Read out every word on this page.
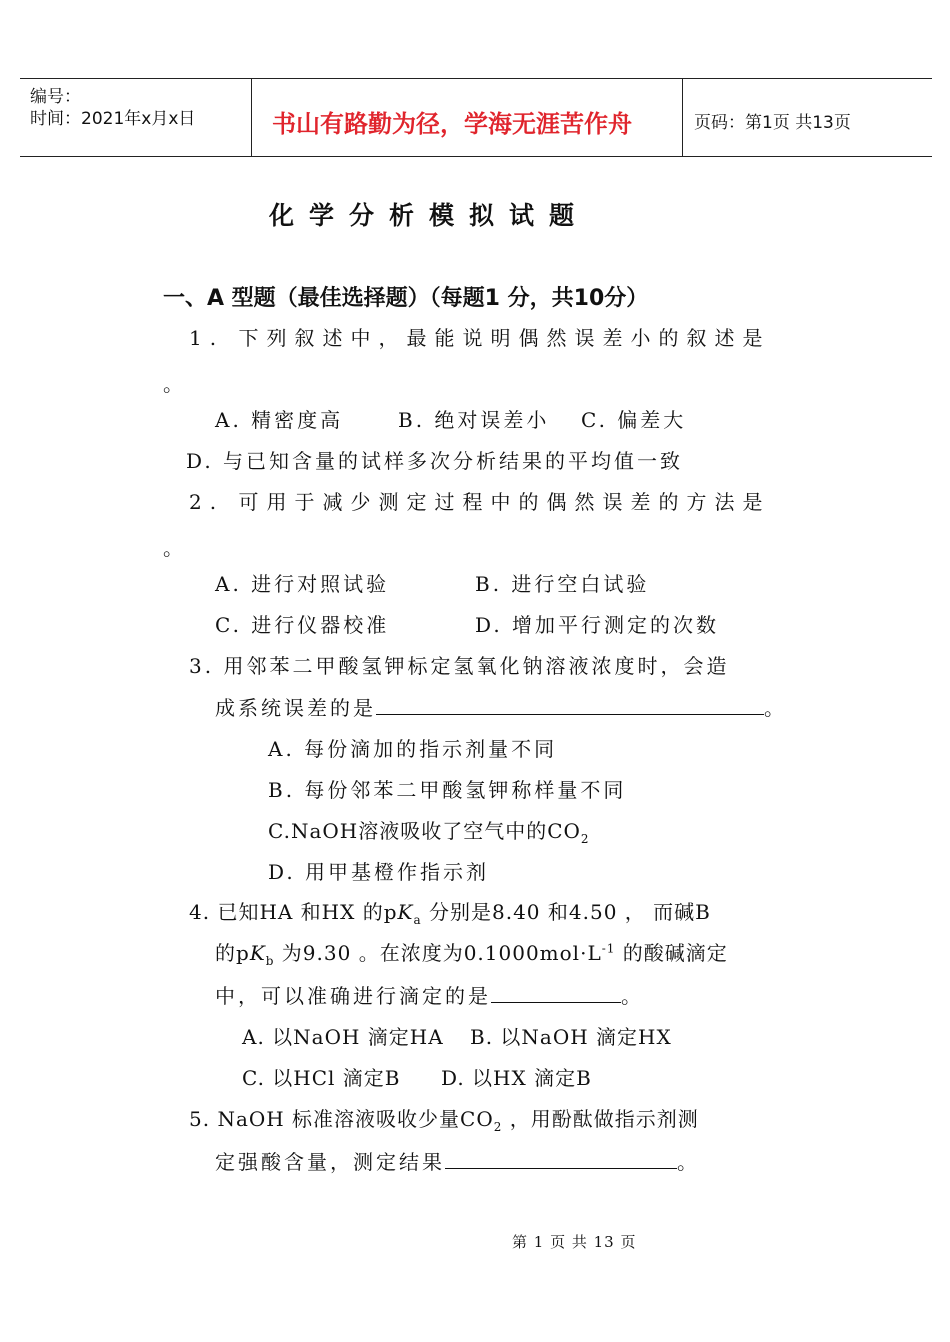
编号：
时间：2021年x月x日	书山有路勤为径，学海无涯苦作舟	页码：第1页 共13页
化学分析模拟试题
一、A 型题（最佳选择题）（每题1 分，共10分）
1. 下列叙述中，最能说明偶然误差小的叙述是
。
A. 精密度高	B. 绝对误差小 C. 偏差大
D. 与已知含量的试样多次分析结果的平均值一致
2. 可用于减少测定过程中的偶然误差的方法是
。
A. 进行对照试验	B. 进行空白试验
C. 进行仪器校准	D. 增加平行测定的次数
3. 用邻苯二甲酸氢钾标定氢氧化钠溶液浓度时，会造
成系统误差的是	。
A. 每份滴加的指示剂量不同
B. 每份邻苯二甲酸氢钾称样量不同
C.NaOH溶液吸收了空气中的$CO_2$
D. 用甲基橙作指示剂
4. 已知HA 和HX 的$pK_a$ 分别是8.40 和4.50 ， 而碱B
的$pK_b$ 为9.30 。在浓度为$0.1000mol\cdot L^{-1}$ 的酸碱滴定
中，可以准确进行滴定的是	。
A. 以NaOH 滴定HA B. 以NaOH 滴定HX
C. 以HCl 滴定B D. 以HX 滴定B
5. NaOH 标准溶液吸收少量$CO_2$ ，用酚酞做指示剂测
定强酸含量，测定结果	。
第 1 页 共 13 页
